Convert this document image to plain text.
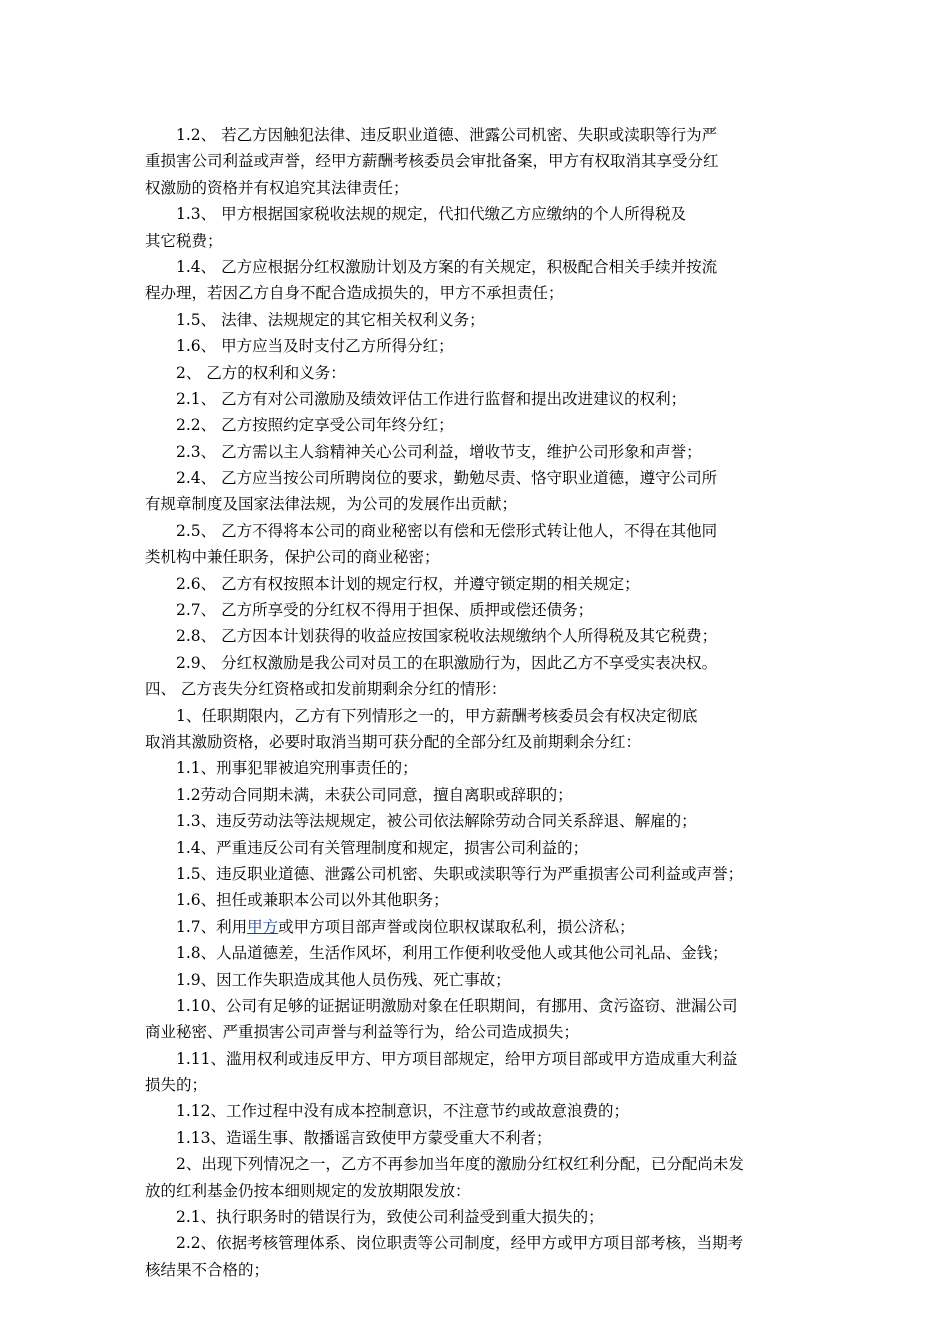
1.2、 若乙方因触犯法律、违反职业道德、泄露公司机密、失职或渎职等行为严
重损害公司利益或声誉，经甲方薪酬考核委员会审批备案，甲方有权取消其享受分红
权激励的资格并有权追究其法律责任；
1.3、 甲方根据国家税收法规的规定，代扣代缴乙方应缴纳的个人所得税及
其它税费；
1.4、 乙方应根据分红权激励计划及方案的有关规定，积极配合相关手续并按流
程办理，若因乙方自身不配合造成损失的，甲方不承担责任；
1.5、 法律、法规规定的其它相关权利义务；
1.6、 甲方应当及时支付乙方所得分红；
2、 乙方的权利和义务：
2.1、 乙方有对公司激励及绩效评估工作进行监督和提出改进建议的权利；
2.2、 乙方按照约定享受公司年终分红；
2.3、 乙方需以主人翁精神关心公司利益，增收节支，维护公司形象和声誉；
2.4、 乙方应当按公司所聘岗位的要求，勤勉尽责、恪守职业道德，遵守公司所
有规章制度及国家法律法规，为公司的发展作出贡献；
2.5、 乙方不得将本公司的商业秘密以有偿和无偿形式转让他人，不得在其他同
类机构中兼任职务，保护公司的商业秘密；
2.6、 乙方有权按照本计划的规定行权，并遵守锁定期的相关规定；
2.7、 乙方所享受的分红权不得用于担保、质押或偿还债务；
2.8、 乙方因本计划获得的收益应按国家税收法规缴纳个人所得税及其它税费；
2.9、 分红权激励是我公司对员工的在职激励行为，因此乙方不享受实表决权。
四、 乙方丧失分红资格或扣发前期剩余分红的情形：
1、任职期限内，乙方有下列情形之一的，甲方薪酬考核委员会有权决定彻底
取消其激励资格，必要时取消当期可获分配的全部分红及前期剩余分红：
1.1、刑事犯罪被追究刑事责任的；
1.2劳动合同期未满，未获公司同意，擅自离职或辞职的；
1.3、违反劳动法等法规规定，被公司依法解除劳动合同关系辞退、解雇的；
1.4、严重违反公司有关管理制度和规定，损害公司利益的；
1.5、违反职业道德、泄露公司机密、失职或渎职等行为严重损害公司利益或声誉；
1.6、担任或兼职本公司以外其他职务；
1.7、利用甲方或甲方项目部声誉或岗位职权谋取私利，损公济私；
1.8、人品道德差，生活作风坏，利用工作便利收受他人或其他公司礼品、金钱；
1.9、因工作失职造成其他人员伤残、死亡事故；
1.10、公司有足够的证据证明激励对象在任职期间，有挪用、贪污盗窃、泄漏公司
商业秘密、严重损害公司声誉与利益等行为，给公司造成损失；
1.11、滥用权利或违反甲方、甲方项目部规定，给甲方项目部或甲方造成重大利益
损失的；
1.12、工作过程中没有成本控制意识，不注意节约或故意浪费的；
1.13、造谣生事、散播谣言致使甲方蒙受重大不利者；
2、出现下列情况之一，乙方不再参加当年度的激励分红权红利分配，已分配尚未发
放的红利基金仍按本细则规定的发放期限发放：
2.1、执行职务时的错误行为，致使公司利益受到重大损失的；
2.2、依据考核管理体系、岗位职责等公司制度，经甲方或甲方项目部考核，当期考
核结果不合格的；
